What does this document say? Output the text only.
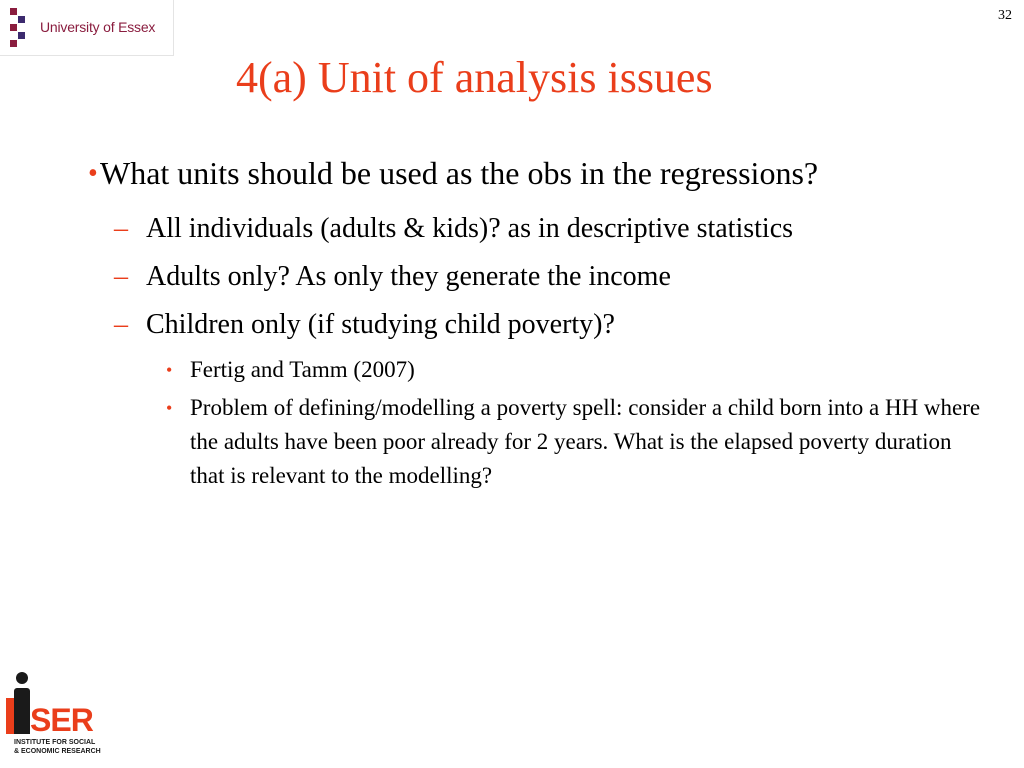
University of Essex
32
4(a) Unit of analysis issues
• What units should be used as the obs in the regressions?
– All individuals (adults & kids)? as in descriptive statistics
– Adults only? As only they generate the income
– Children only (if studying child poverty)?
• Fertig and Tamm (2007)
• Problem of defining/modelling a poverty spell: consider a child born into a HH where the adults have been poor already for 2 years. What is the elapsed poverty duration that is relevant to the modelling?
SER
INSTITUTE FOR SOCIAL
& ECONOMIC RESEARCH
